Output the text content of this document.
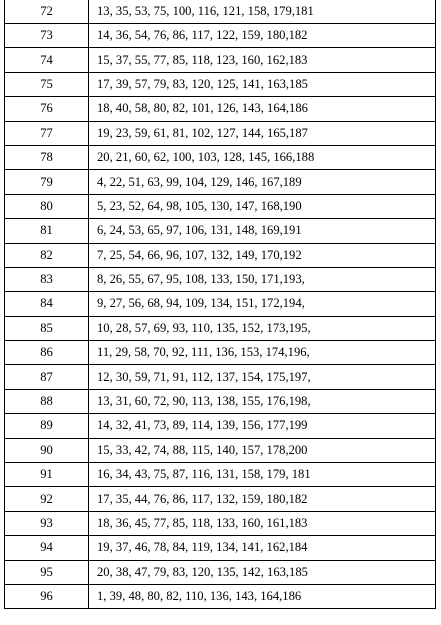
72	13, 35, 53, 75, 100, 116, 121, 158, 179,181
73	14, 36, 54, 76, 86, 117, 122, 159, 180,182
74	15, 37, 55, 77, 85, 118, 123, 160, 162,183
75	17, 39, 57, 79, 83, 120, 125, 141, 163,185
76	18, 40, 58, 80, 82, 101, 126, 143, 164,186
77	19, 23, 59, 61, 81, 102, 127, 144, 165,187
78	20, 21, 60, 62, 100, 103, 128, 145, 166,188
79	4, 22, 51, 63, 99, 104, 129, 146, 167,189
80	5, 23, 52, 64, 98, 105, 130, 147, 168,190
81	6, 24, 53, 65, 97, 106, 131, 148, 169,191
82	7, 25, 54, 66, 96, 107, 132, 149, 170,192
83	8, 26, 55, 67, 95, 108, 133, 150, 171,193,
84	9, 27, 56, 68, 94, 109, 134, 151, 172,194,
85	10, 28, 57, 69, 93, 110, 135, 152, 173,195,
86	11, 29, 58, 70, 92, 111, 136, 153, 174,196,
87	12, 30, 59, 71, 91, 112, 137, 154, 175,197,
88	13, 31, 60, 72, 90, 113, 138, 155, 176,198,
89	14, 32, 41, 73, 89, 114, 139, 156, 177,199
90	15, 33, 42, 74, 88, 115, 140, 157, 178,200
91	16, 34, 43, 75, 87, 116, 131, 158, 179, 181
92	17, 35, 44, 76, 86, 117, 132, 159, 180,182
93	18, 36, 45, 77, 85, 118, 133, 160, 161,183
94	19, 37, 46, 78, 84, 119, 134, 141, 162,184
95	20, 38, 47, 79, 83, 120, 135, 142, 163,185
96	1, 39, 48, 80, 82, 110, 136, 143, 164,186
